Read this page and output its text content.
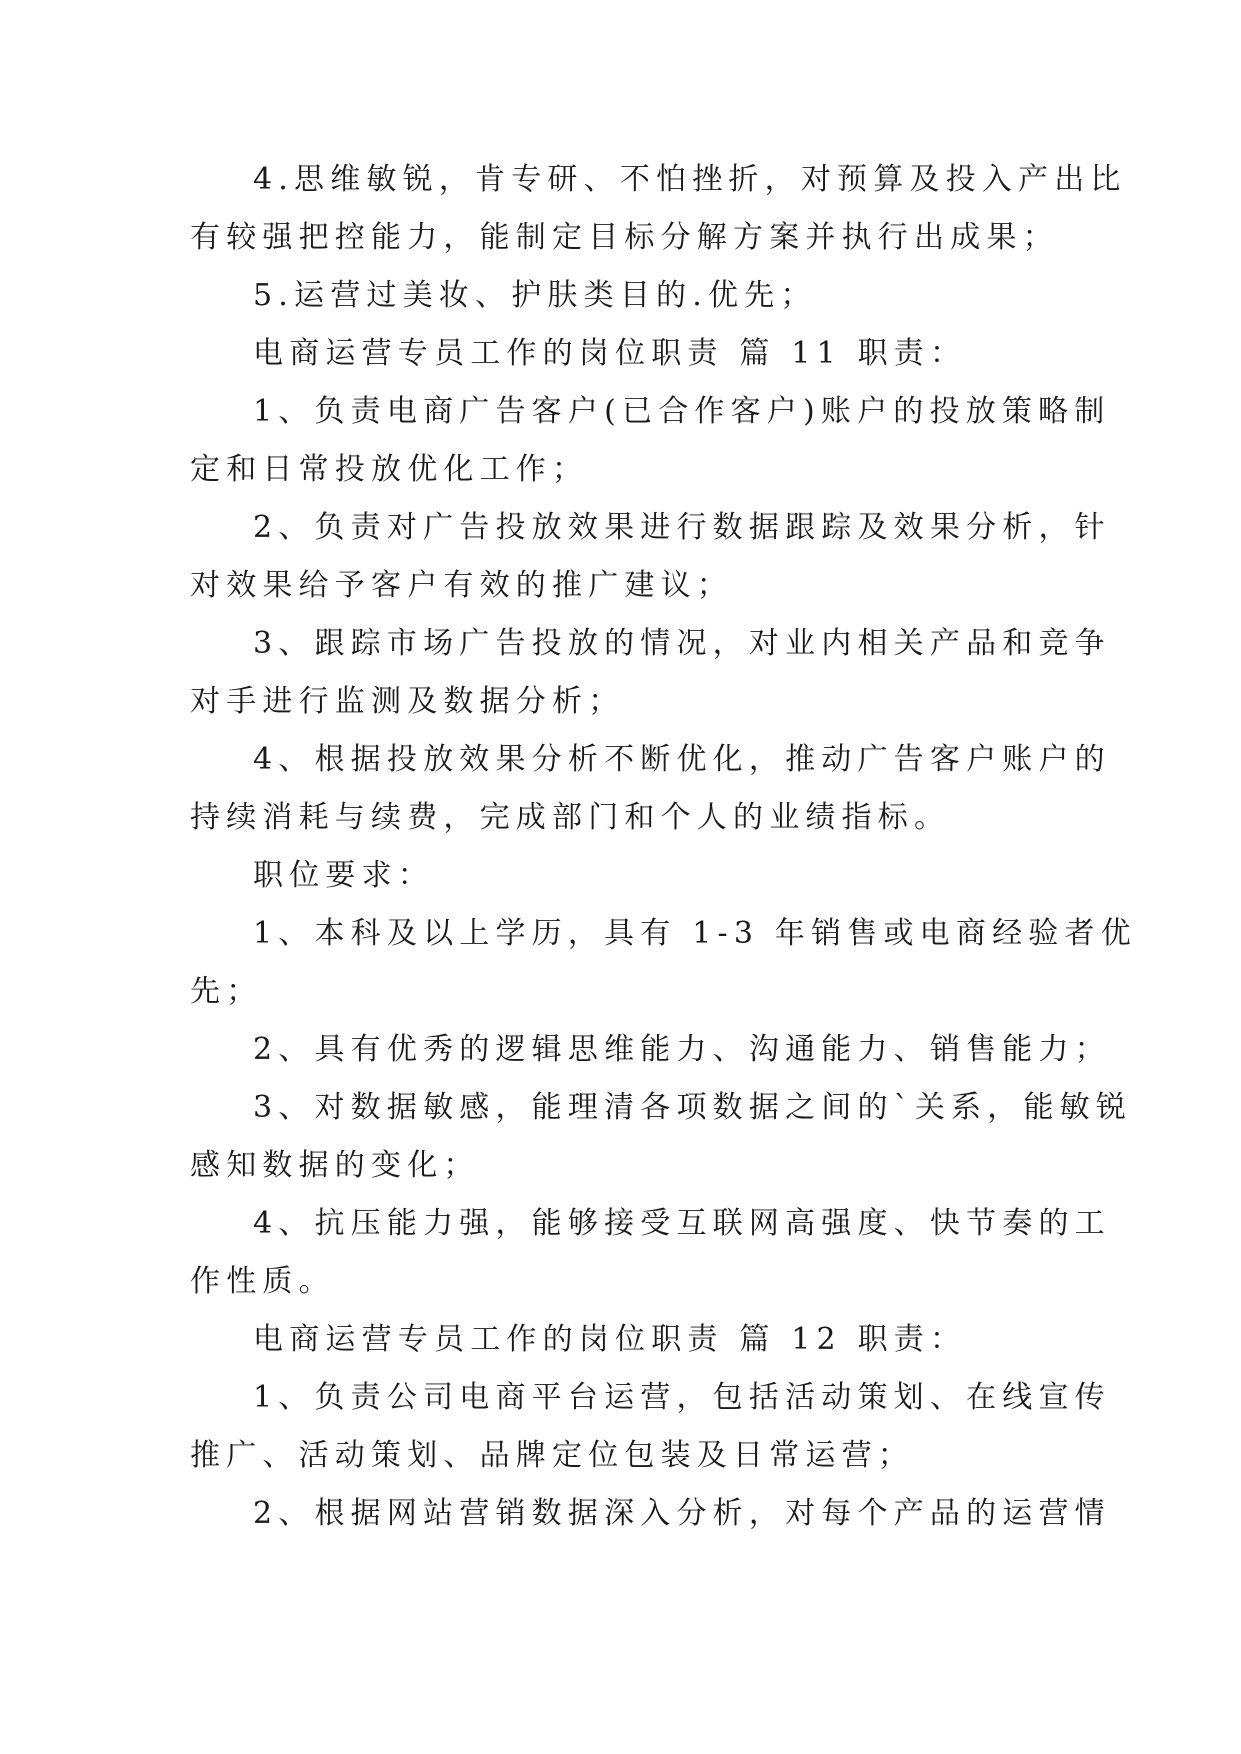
4.思维敏锐，肯专研、不怕挫折，对预算及投入产出比
有较强把控能力，能制定目标分解方案并执行出成果；
5.运营过美妆、护肤类目的.优先；
电商运营专员工作的岗位职责 篇 11 职责：
1、负责电商广告客户(已合作客户)账户的投放策略制
定和日常投放优化工作；
2、负责对广告投放效果进行数据跟踪及效果分析，针
对效果给予客户有效的推广建议；
3、跟踪市场广告投放的情况，对业内相关产品和竞争
对手进行监测及数据分析；
4、根据投放效果分析不断优化，推动广告客户账户的
持续消耗与续费，完成部门和个人的业绩指标。
职位要求：
1、本科及以上学历，具有 1-3 年销售或电商经验者优
先；
2、具有优秀的逻辑思维能力、沟通能力、销售能力；
3、对数据敏感，能理清各项数据之间的`关系，能敏锐
感知数据的变化；
4、抗压能力强，能够接受互联网高强度、快节奏的工
作性质。
电商运营专员工作的岗位职责 篇 12 职责：
1、负责公司电商平台运营，包括活动策划、在线宣传
推广、活动策划、品牌定位包装及日常运营；
2、根据网站营销数据深入分析，对每个产品的运营情
